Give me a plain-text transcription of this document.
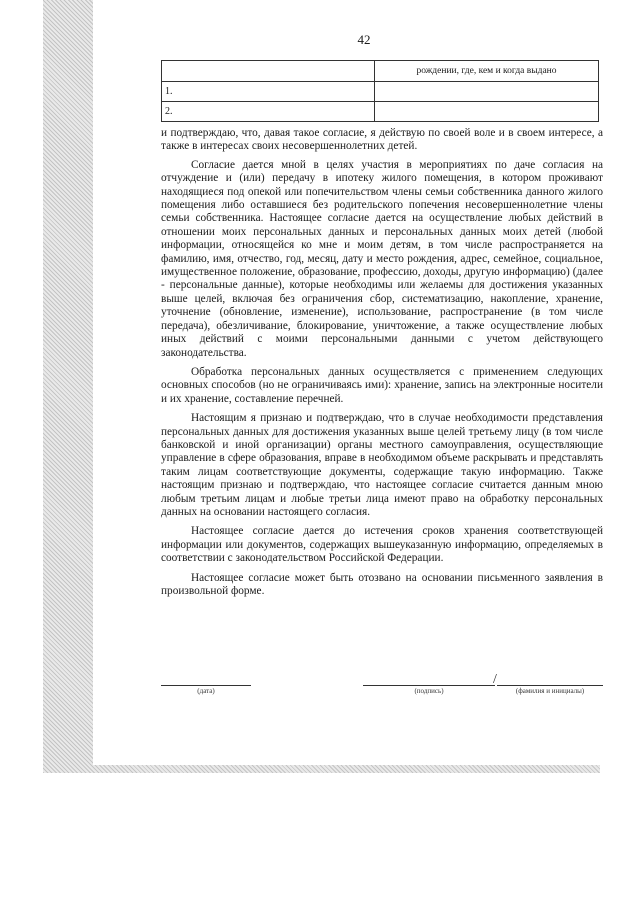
42
	рождении, где, кем и когда выдано
1.	
2.	

и подтверждаю, что, давая такое согласие, я действую по своей воле и в своем интересе, а также в интересах своих несовершеннолетних детей.

Согласие дается мной в целях участия в мероприятиях по даче согласия на отчуждение и (или) передачу в ипотеку жилого помещения, в котором проживают находящиеся под опекой или попечительством члены семьи собственника данного жилого помещения либо оставшиеся без родительского попечения несовершеннолетние члены семьи собственника. Настоящее согласие дается на осуществление любых действий в отношении моих персональных данных и персональных данных моих детей (любой информации, относящейся ко мне и моим детям, в том числе распространяется на фамилию, имя, отчество, год, месяц, дату и место рождения, адрес, семейное, социальное, имущественное положение, образование, профессию, доходы, другую информацию) (далее - персональные данные), которые необходимы или желаемы для достижения указанных выше целей, включая без ограничения сбор, систематизацию, накопление, хранение, уточнение (обновление, изменение), использование, распространение (в том числе передача), обезличивание, блокирование, уничтожение, а также осуществление любых иных действий с моими персональными данными с учетом действующего законодательства.

Обработка персональных данных осуществляется с применением следующих основных способов (но не ограничиваясь ими): хранение, запись на электронные носители и их хранение, составление перечней.

Настоящим я признаю и подтверждаю, что в случае необходимости представления персональных данных для достижения указанных выше целей третьему лицу (в том числе банковской и иной организации) органы местного самоуправления, осуществляющие управление в сфере образования, вправе в необходимом объеме раскрывать и представлять таким лицам соответствующие документы, содержащие такую информацию. Также настоящим признаю и подтверждаю, что настоящее согласие считается данным мною любым третьим лицам и любые третьи лица имеют право на обработку персональных данных на основании настоящего согласия.

Настоящее согласие дается до истечения сроков хранения соответствующей информации или документов, содержащих вышеуказанную информацию, определяемых в соответствии с законодательством Российской Федерации.

Настоящее согласие может быть отозвано на основании письменного заявления в произвольной форме.

(дата)
/
(подпись)	(фамилия и инициалы)
